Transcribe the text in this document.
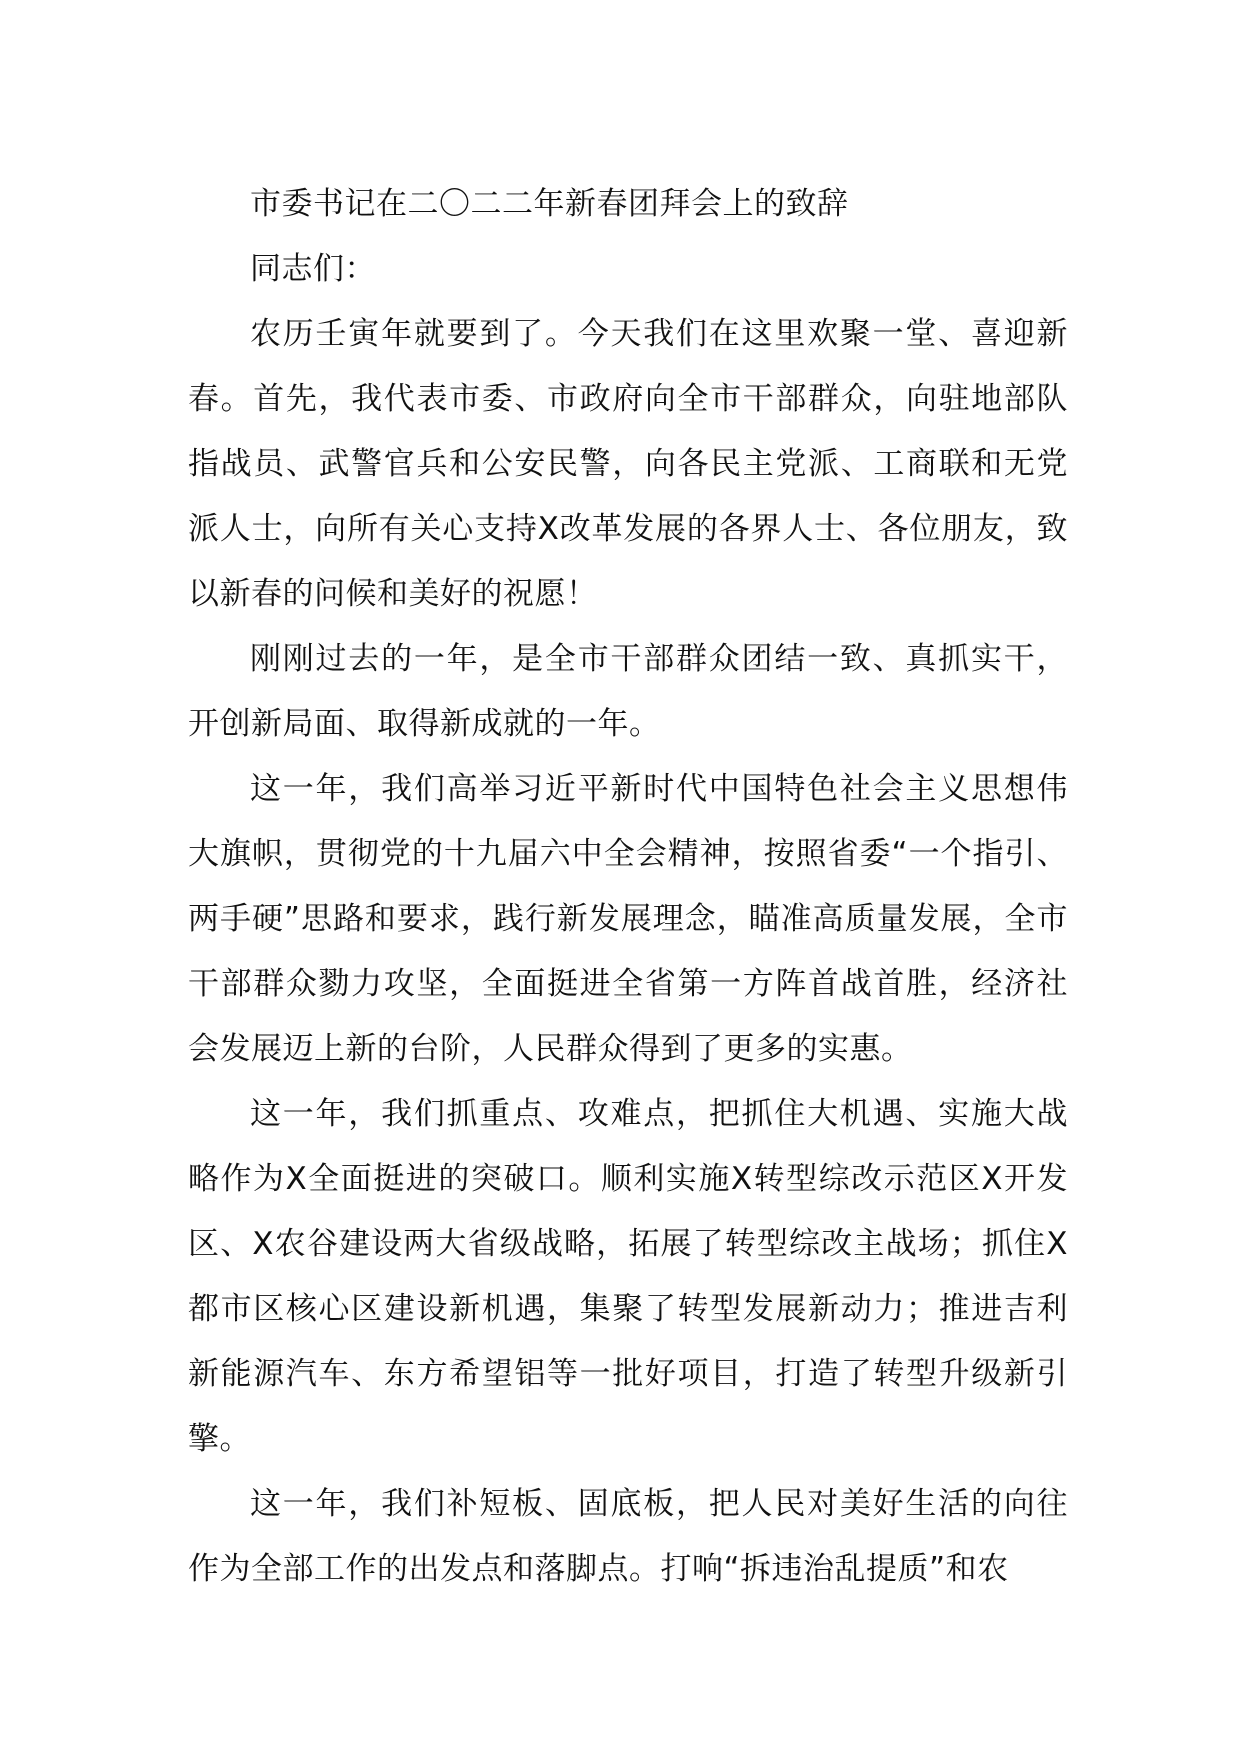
市委书记在二〇二二年新春团拜会上的致辞

同志们：

农历壬寅年就要到了。今天我们在这里欢聚一堂、喜迎新春。首先，我代表市委、市政府向全市干部群众，向驻地部队指战员、武警官兵和公安民警，向各民主党派、工商联和无党派人士，向所有关心支持X改革发展的各界人士、各位朋友，致以新春的问候和美好的祝愿！

刚刚过去的一年，是全市干部群众团结一致、真抓实干，开创新局面、取得新成就的一年。

这一年，我们高举习近平新时代中国特色社会主义思想伟大旗帜，贯彻党的十九届六中全会精神，按照省委“一个指引、两手硬”思路和要求，践行新发展理念，瞄准高质量发展，全市干部群众勠力攻坚，全面挺进全省第一方阵首战首胜，经济社会发展迈上新的台阶，人民群众得到了更多的实惠。

这一年，我们抓重点、攻难点，把抓住大机遇、实施大战略作为X全面挺进的突破口。顺利实施X转型综改示范区X开发区、X农谷建设两大省级战略，拓展了转型综改主战场；抓住X都市区核心区建设新机遇，集聚了转型发展新动力；推进吉利新能源汽车、东方希望铝等一批好项目，打造了转型升级新引擎。

这一年，我们补短板、固底板，把人民对美好生活的向往作为全部工作的出发点和落脚点。打响“拆违治乱提质”和农
